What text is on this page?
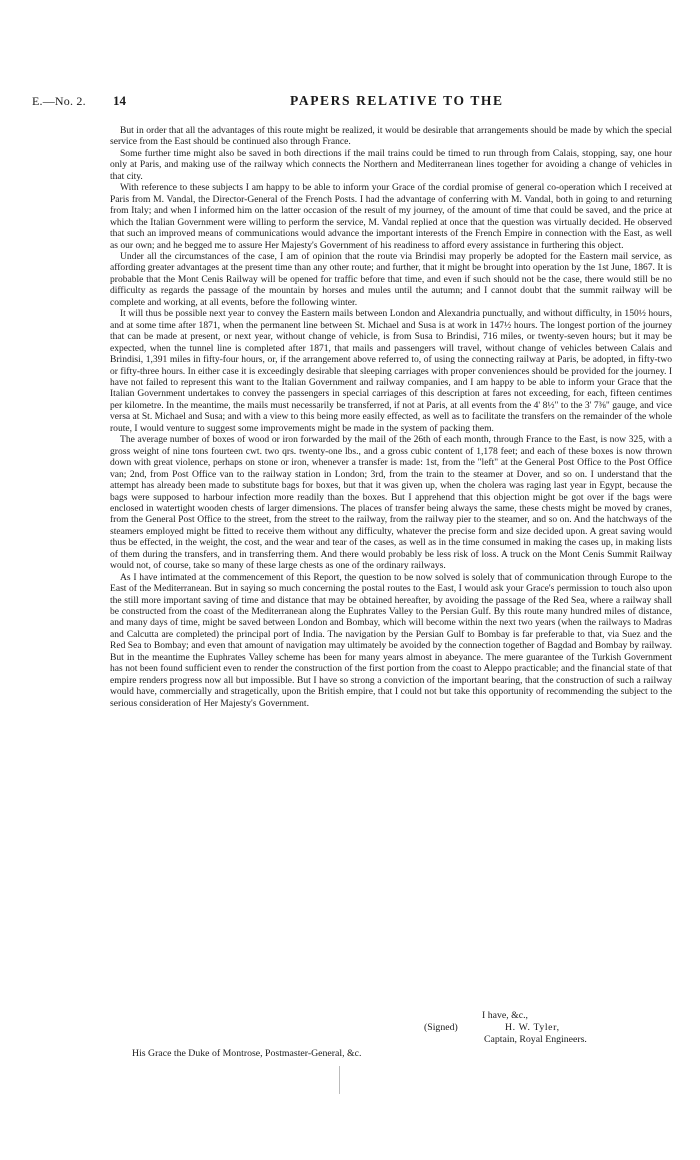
E.—No. 2. 14	PAPERS RELATIVE TO THE

But in order that all the advantages of this route might be realized, it would be desirable that arrangements should be made by which the special service from the East should be continued also through France.

Some further time might also be saved in both directions if the mail trains could be timed to run through from Calais, stopping, say, one hour only at Paris, and making use of the railway which connects the Northern and Mediterranean lines together for avoiding a change of vehicles in that city.

With reference to these subjects I am happy to be able to inform your Grace of the cordial promise of general co-operation which I received at Paris from M. Vandal, the Director-General of the French Posts. I had the advantage of conferring with M. Vandal, both in going to and returning from Italy; and when I informed him on the latter occasion of the result of my journey, of the amount of time that could be saved, and the price at which the Italian Government were willing to perform the service, M. Vandal replied at once that the question was virtually decided. He observed that such an improved means of communications would advance the important interests of the French Empire in connection with the East, as well as our own; and he begged me to assure Her Majesty's Government of his readiness to afford every assistance in furthering this object.

Under all the circumstances of the case, I am of opinion that the route via Brindisi may properly be adopted for the Eastern mail service, as affording greater advantages at the present time than any other route; and further, that it might be brought into operation by the 1st June, 1867. It is probable that the Mont Cenis Railway will be opened for traffic before that time, and even if such should not be the case, there would still be no difficulty as regards the passage of the mountain by horses and mules until the autumn; and I cannot doubt that the summit railway will be complete and working, at all events, before the following winter.

It will thus be possible next year to convey the Eastern mails between London and Alexandria punctually, and without difficulty, in 150½ hours, and at some time after 1871, when the permanent line between St. Michael and Susa is at work in 147½ hours. The longest portion of the journey that can be made at present, or next year, without change of vehicle, is from Susa to Brindisi, 716 miles, or twenty-seven hours; but it may be expected, when the tunnel line is completed after 1871, that mails and passengers will travel, without change of vehicles between Calais and Brindisi, 1,391 miles in fifty-four hours, or, if the arrangement above referred to, of using the connecting railway at Paris, be adopted, in fifty-two or fifty-three hours. In either case it is exceedingly desirable that sleeping carriages with proper conveniences should be provided for the journey. I have not failed to represent this want to the Italian Government and railway companies, and I am happy to be able to inform your Grace that the Italian Government undertakes to convey the passengers in special carriages of this description at fares not exceeding, for each, fifteen centimes per kilometre. In the meantime, the mails must necessarily be transferred, if not at Paris, at all events from the 4' 8½" to the 3' 7⅜" gauge, and vice versa at St. Michael and Susa; and with a view to this being more easily effected, as well as to facilitate the transfers on the remainder of the whole route, I would venture to suggest some improvements might be made in the system of packing them.

The average number of boxes of wood or iron forwarded by the mail of the 26th of each month, through France to the East, is now 325, with a gross weight of nine tons fourteen cwt. two qrs. twenty-one lbs., and a gross cubic content of 1,178 feet; and each of these boxes is now thrown down with great violence, perhaps on stone or iron, whenever a transfer is made: 1st, from the "left" at the General Post Office to the Post Office van; 2nd, from Post Office van to the railway station in London; 3rd, from the train to the steamer at Dover, and so on. I understand that the attempt has already been made to substitute bags for boxes, but that it was given up, when the cholera was raging last year in Egypt, because the bags were supposed to harbour infection more readily than the boxes. But I apprehend that this objection might be got over if the bags were enclosed in watertight wooden chests of larger dimensions. The places of transfer being always the same, these chests might be moved by cranes, from the General Post Office to the street, from the street to the railway, from the railway pier to the steamer, and so on. And the hatchways of the steamers employed might be fitted to receive them without any difficulty, whatever the precise form and size decided upon. A great saving would thus be effected, in the weight, the cost, and the wear and tear of the cases, as well as in the time consumed in making the cases up, in making lists of them during the transfers, and in transferring them. And there would probably be less risk of loss. A truck on the Mont Cenis Summit Railway would not, of course, take so many of these large chests as one of the ordinary railways.

As I have intimated at the commencement of this Report, the question to be now solved is solely that of communication through Europe to the East of the Mediterranean. But in saying so much concerning the postal routes to the East, I would ask your Grace's permission to touch also upon the still more important saving of time and distance that may be obtained hereafter, by avoiding the passage of the Red Sea, where a railway shall be constructed from the coast of the Mediterranean along the Euphrates Valley to the Persian Gulf. By this route many hundred miles of distance, and many days of time, might be saved between London and Bombay, which will become within the next two years (when the railways to Madras and Calcutta are completed) the principal port of India. The navigation by the Persian Gulf to Bombay is far preferable to that, via Suez and the Red Sea to Bombay; and even that amount of navigation may ultimately be avoided by the connection together of Bagdad and Bombay by railway. But in the meantime the Euphrates Valley scheme has been for many years almost in abeyance. The mere guarantee of the Turkish Government has not been found sufficient even to render the construction of the first portion from the coast to Aleppo practicable; and the financial state of that empire renders progress now all but impossible. But I have so strong a conviction of the important bearing, that the construction of such a railway would have, commercially and stragetically, upon the British empire, that I could not but take this opportunity of recommending the subject to the serious consideration of Her Majesty's Government.

I have, &c.,
(Signed)	H. W. Tyler,
Captain, Royal Engineers.
His Grace the Duke of Montrose, Postmaster-General, &c.
